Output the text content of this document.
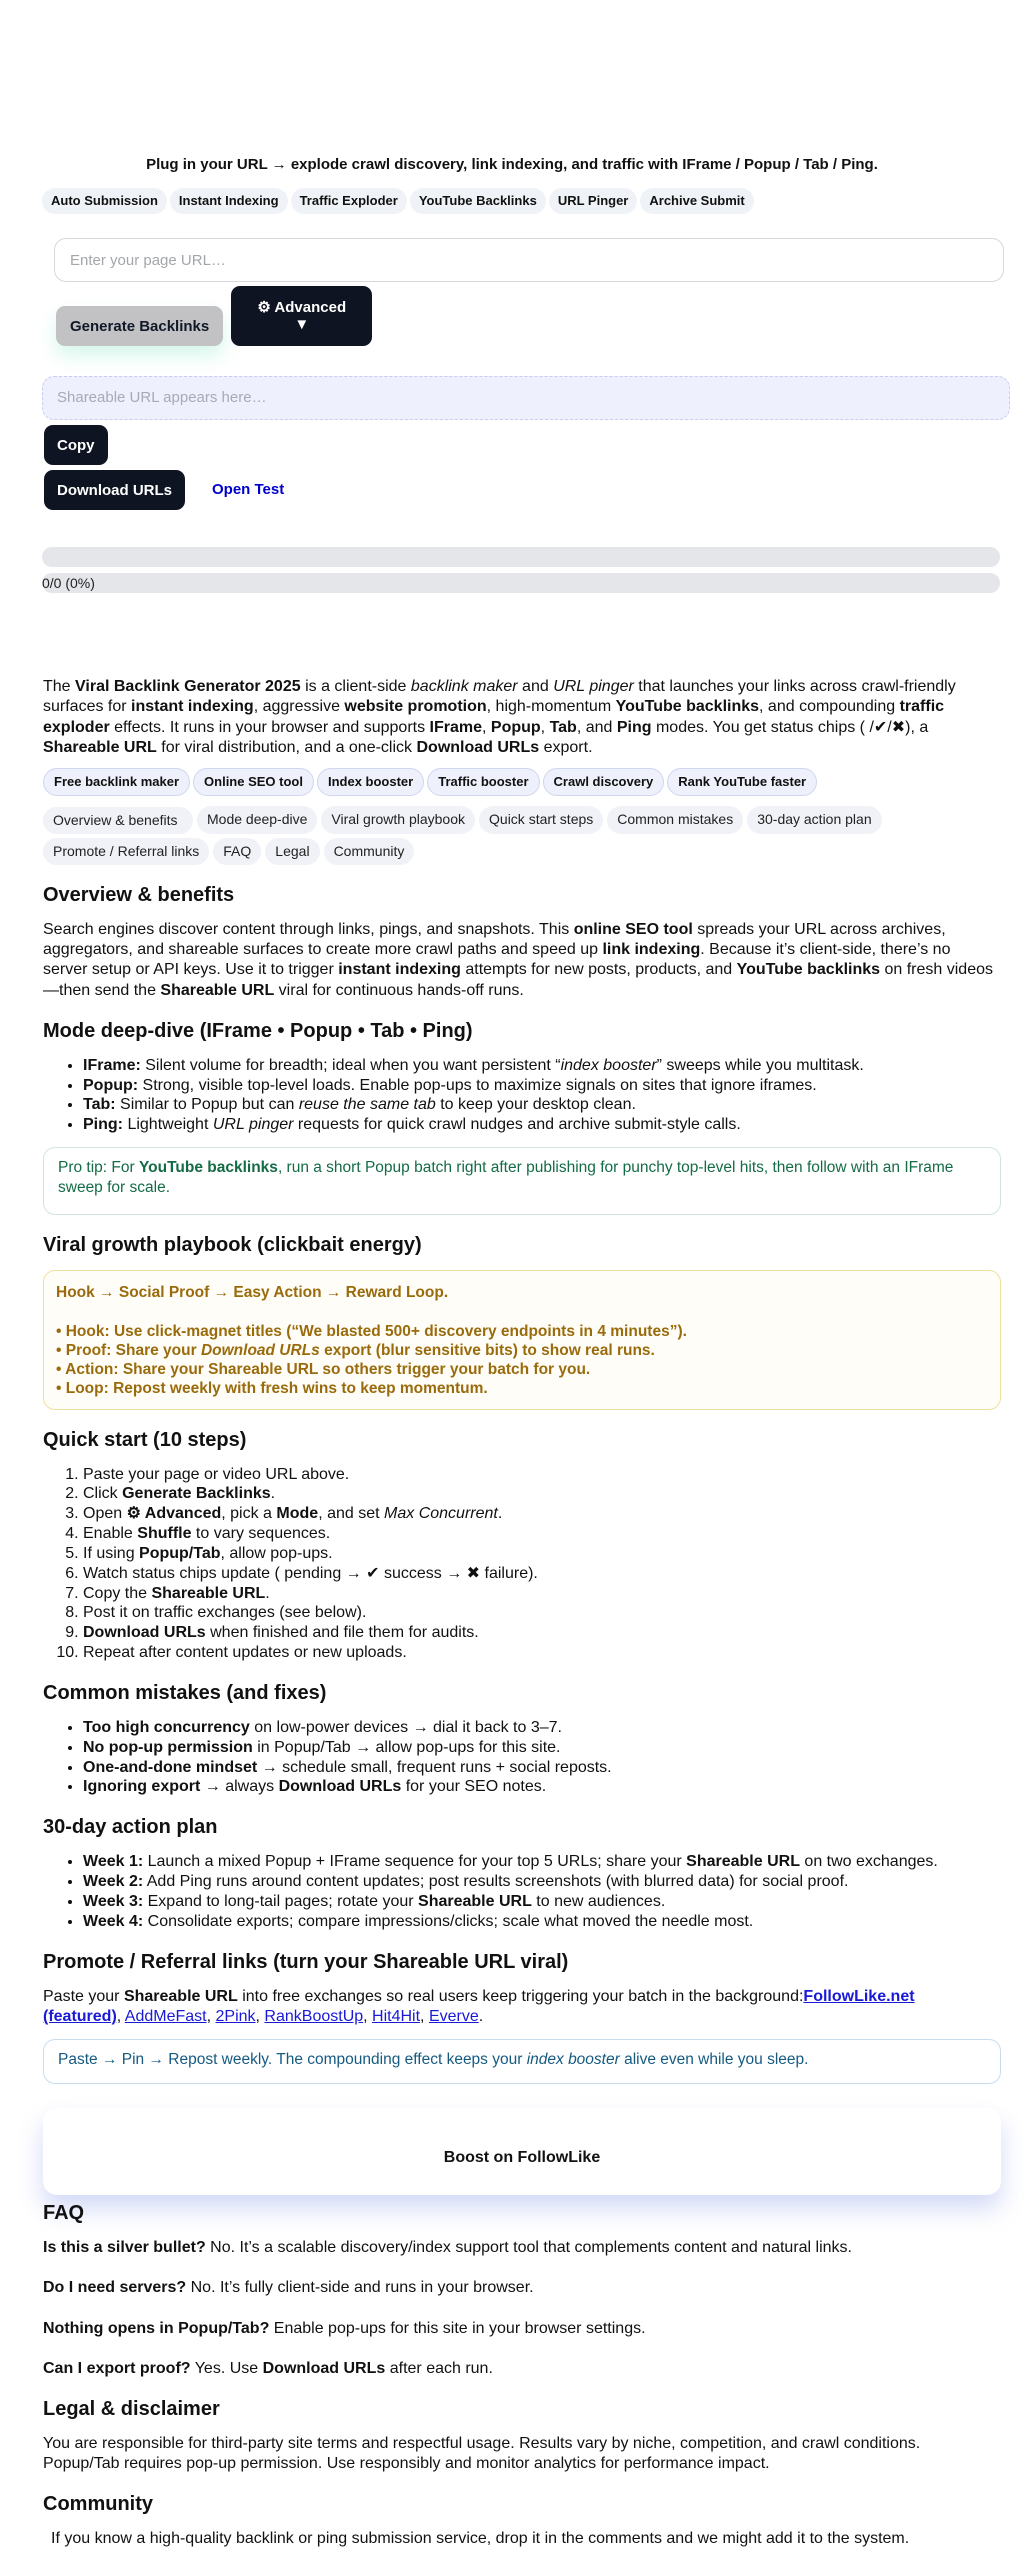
Plug in your URL → explode crawl discovery, link indexing, and traffic with IFrame / Popup / Tab / Ping.
Auto Submission	Instant Indexing	Traffic Exploder	YouTube Backlinks	URL Pinger	Archive Submit
Enter your page URL…
Generate Backlinks
⚙ Advanced
▼
Shareable URL appears here…
Copy
Download URLs	Open Test
0/0 (0%)

The Viral Backlink Generator 2025 is a client-side backlink maker and URL pinger that launches your links across crawl-friendly surfaces for instant indexing, aggressive website promotion, high-momentum YouTube backlinks, and compounding traffic exploder effects. It runs in your browser and supports IFrame, Popup, Tab, and Ping modes. You get status chips ( /✔/✖), a Shareable URL for viral distribution, and a one-click Download URLs export.

Free backlink maker	Online SEO tool	Index booster	Traffic booster	Crawl discovery	Rank YouTube faster
Overview & benefits	Mode deep-dive	Viral growth playbook	Quick start steps	Common mistakes	30-day action plan
Promote / Referral links	FAQ	Legal	Community
Overview & benefits

Search engines discover content through links, pings, and snapshots. This online SEO tool spreads your URL across archives, aggregators, and shareable surfaces to create more crawl paths and speed up link indexing. Because it’s client-side, there’s no server setup or API keys. Use it to trigger instant indexing attempts for new posts, products, and YouTube backlinks on fresh videos—then send the Shareable URL viral for continuous hands-off runs.

Mode deep-dive (IFrame • Popup • Tab • Ping)
• IFrame: Silent volume for breadth; ideal when you want persistent “index booster” sweeps while you multitask.
• Popup: Strong, visible top-level loads. Enable pop-ups to maximize signals on sites that ignore iframes.
• Tab: Similar to Popup but can reuse the same tab to keep your desktop clean.
• Ping: Lightweight URL pinger requests for quick crawl nudges and archive submit-style calls.
Pro tip: For YouTube backlinks, run a short Popup batch right after publishing for punchy top-level hits, then follow with an IFrame sweep for scale.
Viral growth playbook (clickbait energy)
Hook → Social Proof → Easy Action → Reward Loop.

• Hook: Use click-magnet titles (“We blasted 500+ discovery endpoints in 4 minutes”).
• Proof: Share your Download URLs export (blur sensitive bits) to show real runs.
• Action: Share your Shareable URL so others trigger your batch for you.
• Loop: Repost weekly with fresh wins to keep momentum.
Quick start (10 steps)
1. Paste your page or video URL above.
2. Click Generate Backlinks.
3. Open ⚙ Advanced, pick a Mode, and set Max Concurrent.
4. Enable Shuffle to vary sequences.
5. If using Popup/Tab, allow pop-ups.
6. Watch status chips update ( pending → ✔ success → ✖ failure).
7. Copy the Shareable URL.
8. Post it on traffic exchanges (see below).
9. Download URLs when finished and file them for audits.
10. Repeat after content updates or new uploads.
Common mistakes (and fixes)
• Too high concurrency on low-power devices → dial it back to 3–7.
• No pop-up permission in Popup/Tab → allow pop-ups for this site.
• One-and-done mindset → schedule small, frequent runs + social reposts.
• Ignoring export → always Download URLs for your SEO notes.
30-day action plan
• Week 1: Launch a mixed Popup + IFrame sequence for your top 5 URLs; share your Shareable URL on two exchanges.
• Week 2: Add Ping runs around content updates; post results screenshots (with blurred data) for social proof.
• Week 3: Expand to long-tail pages; rotate your Shareable URL to new audiences.
• Week 4: Consolidate exports; compare impressions/clicks; scale what moved the needle most.
Promote / Referral links (turn your Shareable URL viral)

Paste your Shareable URL into free exchanges so real users keep triggering your batch in the background:FollowLike.net (featured), AddMeFast, 2Pink, RankBoostUp, Hit4Hit, Everve.

Paste → Pin → Repost weekly. The compounding effect keeps your index booster alive even while you sleep.
Boost on FollowLike
FAQ

Is this a silver bullet? No. It’s a scalable discovery/index support tool that complements content and natural links.

Do I need servers? No. It’s fully client-side and runs in your browser.

Nothing opens in Popup/Tab? Enable pop-ups for this site in your browser settings.

Can I export proof? Yes. Use Download URLs after each run.

Legal & disclaimer

You are responsible for third-party site terms and respectful usage. Results vary by niche, competition, and crawl conditions. Popup/Tab requires pop-up permission. Use responsibly and monitor analytics for performance impact.

Community

If you know a high-quality backlink or ping submission service, drop it in the comments and we might add it to the system.
